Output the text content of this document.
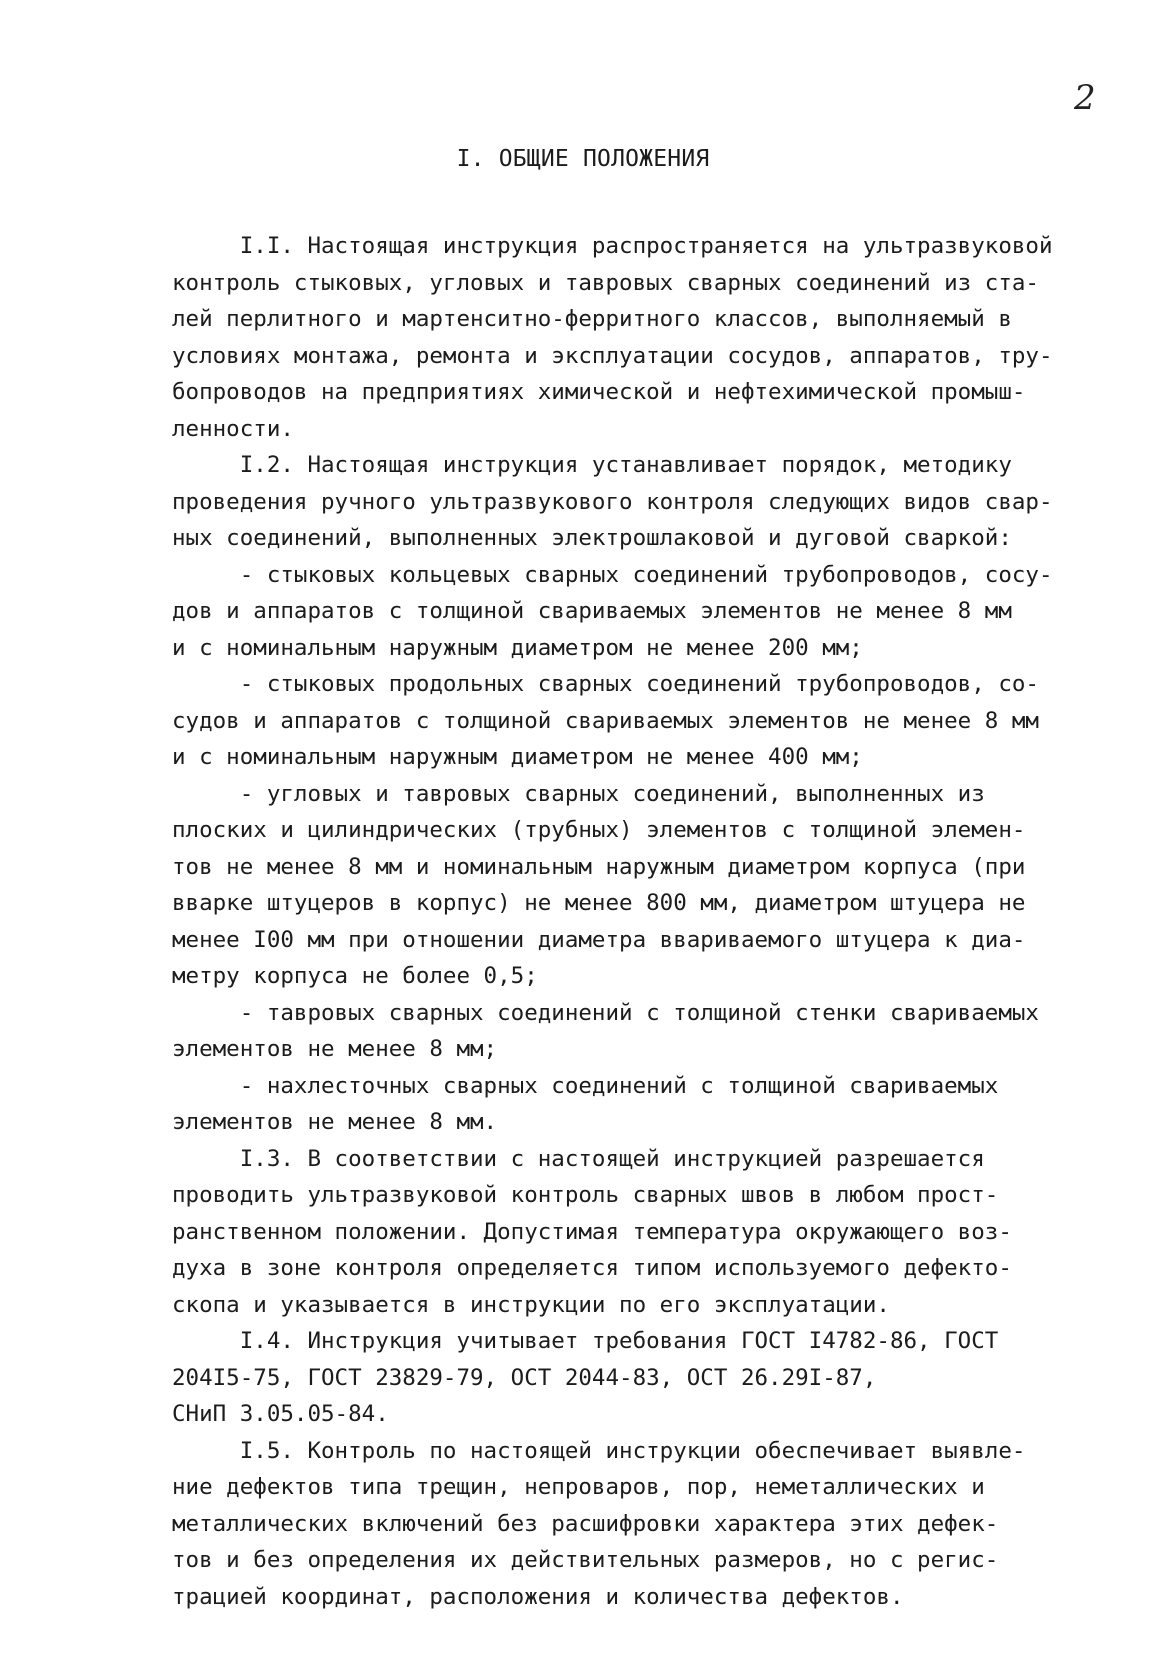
2
I. ОБЩИЕ ПОЛОЖЕНИЯ
I.I. Настоящая инструкция распространяется на ультразвуковой
контроль стыковых, угловых и тавровых сварных соединений из ста-
лей перлитного и мартенситно-ферритного классов, выполняемый в
условиях монтажа, ремонта и эксплуатации сосудов, аппаратов, тру-
бопроводов на предприятиях химической и нефтехимической промыш-
ленности.
I.2. Настоящая инструкция устанавливает порядок, методику
проведения ручного ультразвукового контроля следующих видов свар-
ных соединений, выполненных электрошлаковой и дуговой сваркой:
- стыковых кольцевых сварных соединений трубопроводов, сосу-
дов и аппаратов с толщиной свариваемых элементов не менее 8 мм
и с номинальным наружным диаметром не менее 200 мм;
- стыковых продольных сварных соединений трубопроводов, со-
судов и аппаратов с толщиной свариваемых элементов не менее 8 мм
и с номинальным наружным диаметром не менее 400 мм;
- угловых и тавровых сварных соединений, выполненных из
плоских и цилиндрических (трубных) элементов с толщиной элемен-
тов не менее 8 мм и номинальным наружным диаметром корпуса (при
вварке штуцеров в корпус) не менее 800 мм, диаметром штуцера не
менее I00 мм при отношении диаметра ввариваемого штуцера к диа-
метру корпуса не более 0,5;
- тавровых сварных соединений с толщиной стенки свариваемых
элементов не менее 8 мм;
- нахлесточных сварных соединений с толщиной свариваемых
элементов не менее 8 мм.
I.3. В соответствии с настоящей инструкцией разрешается
проводить ультразвуковой контроль сварных швов в любом прост-
ранственном положении. Допустимая температура окружающего воз-
духа в зоне контроля определяется типом используемого дефекто-
скопа и указывается в инструкции по его эксплуатации.
I.4. Инструкция учитывает требования ГОСТ I4782-86, ГОСТ
204I5-75, ГОСТ 23829-79, ОСТ 2044-83, ОСТ 26.29I-87,
СНиП 3.05.05-84.
I.5. Контроль по настоящей инструкции обеспечивает выявле-
ние дефектов типа трещин, непроваров, пор, неметаллических и
металлических включений без расшифровки характера этих дефек-
тов и без определения их действительных размеров, но с регис-
трацией координат, расположения и количества дефектов.
